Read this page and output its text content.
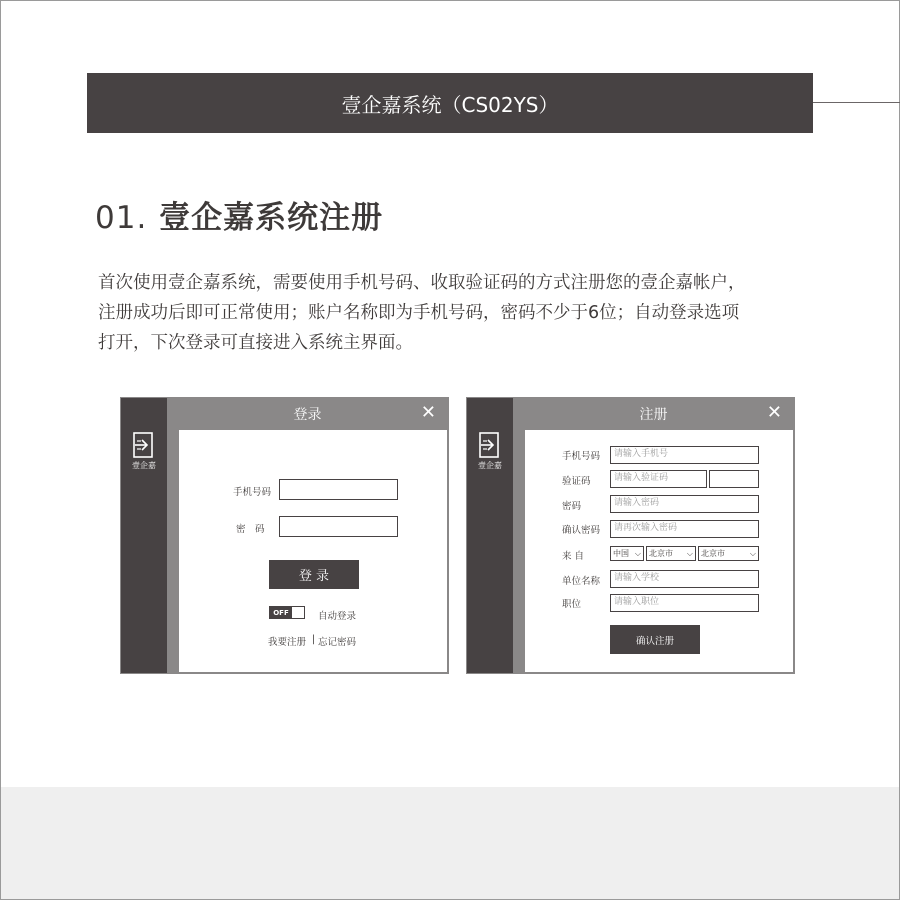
壹企嘉系统（CS02YS）
01. 壹企嘉系统注册
首次使用壹企嘉系统，需要使用手机号码、收取验证码的方式注册您的壹企嘉帐户，
注册成功后即可正常使用；账户名称即为手机号码，密码不少于6位；自动登录选项
打开，下次登录可直接进入系统主界面。
壹企嘉
登录	✕
手机号码
密　码
登 录
OFF	自动登录
我要注册 | 忘记密码
壹企嘉
注册	✕
手机号码	请输入手机号
验证码	请输入验证码
密码	请输入密码
确认密码	请再次输入密码
来 自	中国 ⌵	北京市 ⌵	北京市	⌵
单位名称	请输入学校
职位	请输入职位
确认注册
